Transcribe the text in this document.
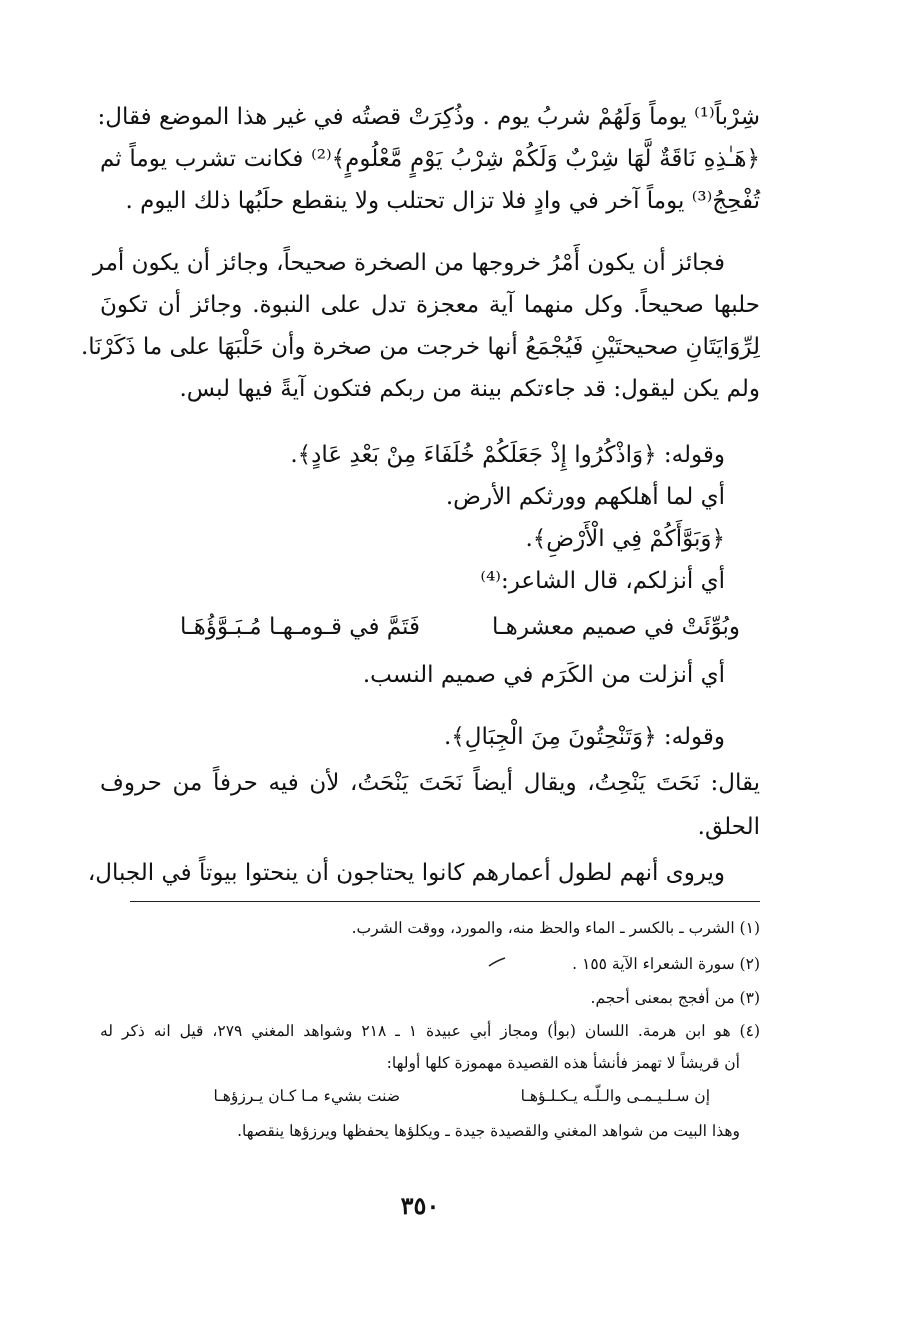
شِرْباً⁽¹⁾ يوماً وَلَهُمْ شربُ يوم . وذُكِرَتْ قصتُه في غير هذا الموضع فقال:
﴿هَـٰذِهِ نَاقَةٌ لَّهَا شِرْبٌ وَلَكُمْ شِرْبُ يَوْمٍ مَّعْلُومٍ﴾⁽²⁾ فكانت تشرب يوماً ثم
تُفْحِجُ⁽³⁾ يوماً آخر في وادٍ فلا تزال تحتلب ولا ينقطع حلَبُها ذلك اليوم .
فجائز أن يكون أَمْرُ خروجها من الصخرة صحيحاً، وجائز أن يكون أمر
حلبها صحيحاً. وكل منهما آية معجزة تدل على النبوة. وجائز أن تكونَ
لِرِّوَايَتَانِ صحيحتَيْنِ فَيُجْمَعُ أنها خرجت من صخرة وأن حَلْبَهَا على ما ذَكَرْنَا.
ولم يكن ليقول: قد جاءتكم بينة من ربكم فتكون آيةً فيها لبس.
وقوله: ﴿وَاذْكُرُوا إِذْ جَعَلَكُمْ خُلَفَاءَ مِنْ بَعْدِ عَادٍ﴾.
أي لما أهلكهم وورثكم الأرض.
﴿وَبَوَّأَكُمْ فِي الْأَرْضِ﴾.
أي أنزلكم، قال الشاعر:⁽⁴⁾
وبُوِّئَتْ في صميم معشرهـا
فَتَمَّ في قـومـهـا مُـبَـوَّؤُهَـا
أي أنزلت من الكَرَم في صميم النسب.
وقوله: ﴿وَتَنْحِتُونَ مِنَ الْجِبَالِ﴾.
يقال: نَحَتَ يَنْحِتُ، ويقال أيضاً نَحَتَ يَنْحَتُ، لأن فيه حرفاً من حروف
الحلق.
ويروى أنهم لطول أعمارهم كانوا يحتاجون أن ينحتوا بيوتاً في الجبال،
(١) الشرب ـ بالكسر ـ الماء والحظ منه، والمورد، ووقت الشرب.
(٢) سورة الشعراء الآية ١٥٥ .
(٣) من أفجج بمعنى أحجم.
(٤) هو ابن هرمة. اللسان (بوأ) ومجاز أبي عبيدة ١ ـ ٢١٨ وشواهد المغني ٢٧٩، قيل انه ذكر له
أن قريشاً لا تهمز فأنشأ هذه القصيدة مهموزة كلها أولها:
إن سـلـيـمـى والـلّـه يـكـلـؤهـا
ضنت بشيء مـا كـان يـرزؤهـا
وهذا البيت من شواهد المغني والقصيدة جيدة ـ ويكلؤها يحفظها ويرزؤها ينقصها.
٣٥٠
